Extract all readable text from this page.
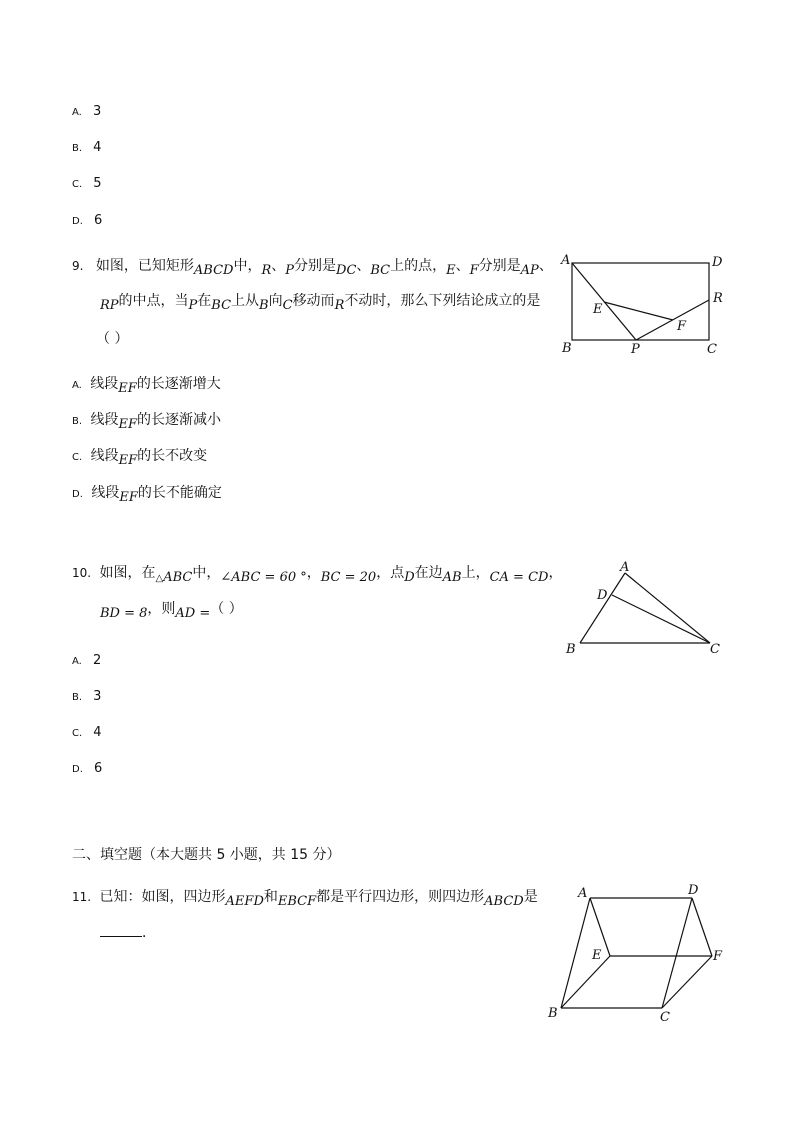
A. 3
B. 4
C. 5
D. 6
9. 如图，已知矩形ABCD中，R、P分别是DC、BC上的点，E、F分别是AP、
RP的中点，当P在BC上从B向C移动而R不动时，那么下列结论成立的是
（ ）
A. 线段EF的长逐渐增大
B. 线段EF的长逐渐减小
C. 线段EF的长不改变
D. 线段EF的长不能确定
A	D
R
E
F
B	P	C
10. 如图，在△ABC中，∠ABC = 60 °，BC = 20，点D在边AB上，CA = CD，
BD = 8，则AD =（ ）
A. 2
B. 3
C. 4
D. 6
A
D
B	C
二、填空题（本大题共 5 小题，共 15 分）
11. 已知：如图，四边形AEFD和EBCF都是平行四边形，则四边形ABCD是
．
A	D
E	F
B	C
